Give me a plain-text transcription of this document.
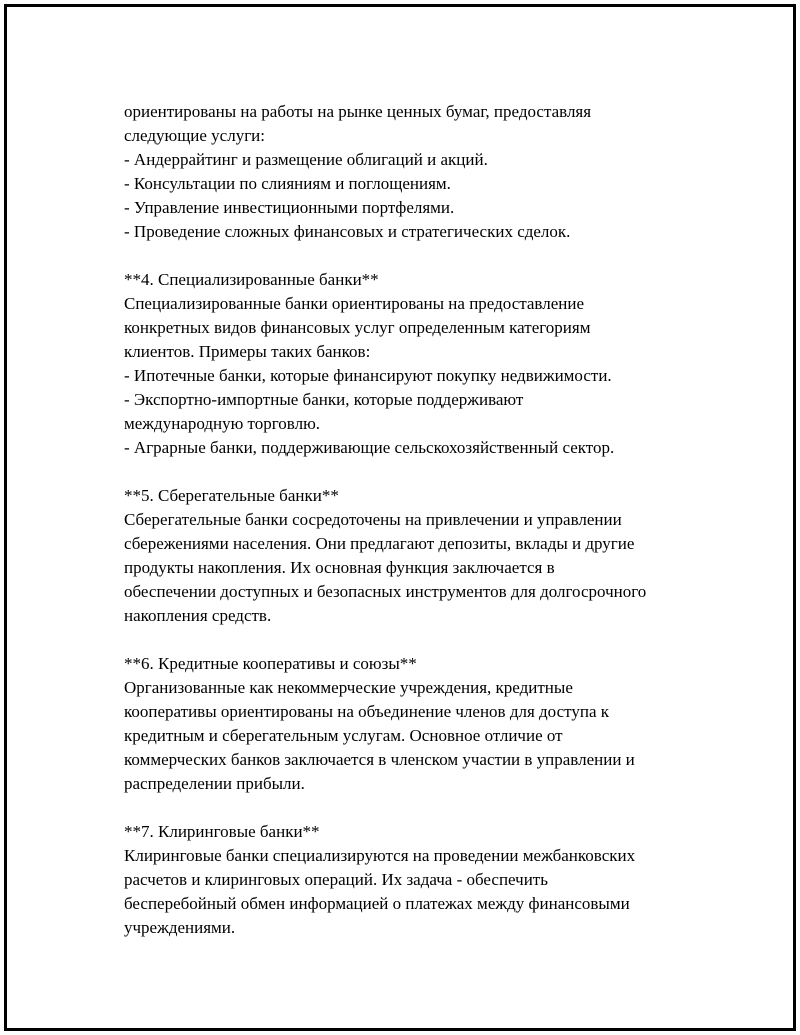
ориентированы на работы на рынке ценных бумаг, предоставляя
следующие услуги:
- Андеррайтинг и размещение облигаций и акций.
- Консультации по слияниям и поглощениям.
- Управление инвестиционными портфелями.
- Проведение сложных финансовых и стратегических сделок.
**4. Специализированные банки**
Специализированные банки ориентированы на предоставление
конкретных видов финансовых услуг определенным категориям
клиентов. Примеры таких банков:
- Ипотечные банки, которые финансируют покупку недвижимости.
- Экспортно-импортные банки, которые поддерживают
международную торговлю.
- Аграрные банки, поддерживающие сельскохозяйственный сектор.
**5. Сберегательные банки**
Сберегательные банки сосредоточены на привлечении и управлении
сбережениями населения. Они предлагают депозиты, вклады и другие
продукты накопления. Их основная функция заключается в
обеспечении доступных и безопасных инструментов для долгосрочного
накопления средств.
**6. Кредитные кооперативы и союзы**
Организованные как некоммерческие учреждения, кредитные
кооперативы ориентированы на объединение членов для доступа к
кредитным и сберегательным услугам. Основное отличие от
коммерческих банков заключается в членском участии в управлении и
распределении прибыли.
**7. Клиринговые банки**
Клиринговые банки специализируются на проведении межбанковских
расчетов и клиринговых операций. Их задача - обеспечить
бесперебойный обмен информацией о платежах между финансовыми
учреждениями.
